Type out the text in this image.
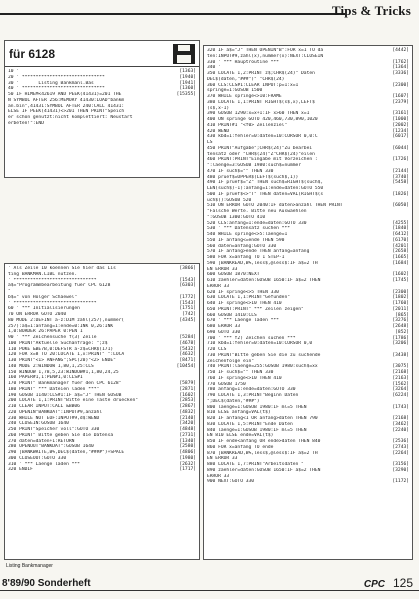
Tips & Tricks
für 6128
10 '	[1363]
20 ' ******************************	[1940]
30 '       Listing Bankmanl.Bas	[1941]
40 ' ******************************	[1360]
50 IF HIMEM<42619 AND PEEK(41431)=201 THE	[15355]
N SYMBOL AFTER 256:MEMORY 41430:LOAD"bankm
an.bin",41431:SYMBOL AFTER 240:CALL 41431:
ELSE IF PEEK(41431)<>201 THEN PRINT"Speich
er schon genutzt:nicht komplettiert: Neustart
erbeten!":END
' Als Zeile 10 koennen Sie hier das Lis	[3866]
ting BANKMAN.LIBL nutzen.
' ******************************	[1543]
a$="Programmbearbeitung fuer CPC 6128	[6303]
"
b$=" von Holger Schaewel"	[1772]
' ******************************	[1543]
60 ' *** Initialisierungen	[1751]
70 ON ERROR GOTO 2040	[742]
80 MODE 2:DEFINT a-z:DIM zahl(257),nummer(	[4345]
257):a$=1:anfang=1:ende=0:INK 0,26:INK
1,0:BORDER 26:PAPER 0:PEN 1
90 ' *** Zeichensuche f(3) Zeile	[5284]
100 PRINT"Aktuelle Suchanfrage: ";z$	[4678]
110 POKE &BE7B,0:DEFSTR a-z$=CHR$(171)	[5432]
120 FOR x=8 TO 20:LOCATE 1,x:PRINT" ":LOCA	[4632]
130 PRINT"<1> ANFANG";SPC(20)"<2> ENDE"	[8471]
140 MODE 2:WINDOW 1,80,1,25:CLS	[10454]
150 WINDOW 1,78,5,23:WINDOW#1,1,80,24,25
160 PAPER#1,1:PEN#1,0:CLS#1
170 PRINT" Bankmanager fuer den CPC 6128"	[5879]
180 PRINT" *** Dateien laden ***"	[2871]
190 GOSUB 1140:CLS#1:IF a$="J" THEN GOSUB	[1602]
200 LOCATE 1,1:PRINT"Bitte eine Taste druecken"	[2853]
210 CLEAR INPUT:CALL &BB06	[2867]
220 OPENIN"BANKDAT":INPUT#9,anzahl	[4832]
230 WHILE NOT EOF:INPUT#9,d$:WEND	[2140]
240 CLOSEIN:GOSUB 1640	[3420]
250 PRINT"Speicher voll":GOTO 330	[4848]
260 PRINT" Bitte geben Sie die Datensa	[2731]
270 daten=daten+1:RETURN	[1340]
280 OPENOUT"BANKDAT":GOSUB 1640	[2580]
290 |BANKWRITE,B%,DEC$(daten,"####")+SPACE	[4806]
300 CLOSEOUT:GOTO 330	[1980]
310 ' *** Laenge laden ***	[2632]
320 ENDIF	[1717]
320 IF a$="J" THEN OPENIN"B":FOR x=1 TO da	[4442]
ten:INPUT#9,zahl(x),nummer(x):NEXT:CLOSEIN
330 ' *** Hauptroutine ***	[1762]
340 '	[1364]
350 LOCATE 1,2:PRINT z$;CHR$(24)" Daten	[3336]
DEC$(daten,"###")" "CHR$(24)
360 CLS:CLS#1:CLEAR INPUT:p=1:x=1	[2300]
springe=1:GOSUB 1500
370 WHILE springe<>10:FRAME	[1607]
380 LOCATE 1,1:PRINT RIGHT$(s$,x),LEFT$	[2379]
(s$,x-1)
390 GOSUB 1290:x=x+1:IF x>60 THEN x=1	[3161]
400 ON springe GOTO 420,460,730,890,1020	[1000]
410 PRINT#1 "<f0> Zeilenziel"	[2002]
420 WEND	[1234]
430 kbd=1:fehler=0:daten=10:CURSOR 0,0:C	[6017]
LS
450 PRINT"Aufgabe";CHR$(24)"Zu bearbei	[6044]
tensatz oder "CHR$(24)"Z"CHR$(24)"eilen
460 PRINT:PRINT"Eingabe mit Vorzeichen :	[1726]
":laenge=3:GOSUB 1980:such$=nummer
470 IF such$="" THEN 330	[2144]
480 pruef$=UPPER$(LEFT$(such$,1))	[3740]
490 IF pruef$="Z" THEN such$=RIGHT$(such$,	[5458]
LEN(such$)-1):anfang=1:ende=daten:GOTO 550
500 IF pruef$<>"T" THEN daten=VAL(RIGHT$(s	[1826]
uch$)):GOSUB 520
510 ON ERROR GOTO 2040:IF daten>anzahl THEN PRINT	[6050]
"Falsche Werte. Bitte neu Auswaehlen
":GOSUB 1300:GOTO 410
520 CLS:anfang=1:ende=daten:GOTO 330	[4255]
530 ' *** Datensatz suchen ***	[1840]
540 WHILE springe<>5:laenge=1	[6412]
550 IF anfang<=ende THEN 590	[6170]
560 daten=anfang:GOTO 330	[4201]
570 IF anfang>ende THEN anfang=anfang	[2658]
580 FOR x=anfang TO 1 STEP-1	[1665]
590 |BANKREAD,B%,less$,@less$:IF a$=2 TH	[1684]
EN ERROR 33
600 GOSUB 1870:NEXT	[1602]
610 zaehler=daten:GOSUB 1650:IF a$=2 THEN	[1745]
ERROR 33
620 IF springe<>5 THEN 330	[2300]
630 LOCATE 1,1:PRINT"Gefunden"	[1802]
640 IF springe<>10 THEN 410	[1760]
650 PRINT:PRINT" *** Zeilen zeigen"	[2011]
660 GOSUB 1410:CLS	[865]
670 ' *** Laenge laden ***	[3276]
680 ERROR 33	[2648]
690 GOTO 330	[852]
700 ' *** f2) Zeichen suchen ***	[1786]
710 kbd=1:fehler=0:daten=10:CURSOR 0,0	[3206]
720 CLS
730 PRINT"Bitte geben Sie die zu suchende	[3438]
Zeichenfolge ein"
740 PRINT:laenge=255:GOSUB 1980:such$=xx	[3075]
750 IF such$="" THEN 330	[2168]
760 IF springe<>10 THEN 410	[2163]
770 GOSUB 1750	[1562]
780 anfang=1:ende=daten:GOTO 330	[3264]
790 LOCATE 1,3:PRINT"Beginn Daten	[6224]
";DEC$(daten,"###")
800 laenge=1:GOSUB 1980:IF ml=5 THEN	[1743]
810 ELSE anfang=VAL(t$)
820 IF anfang<1 OR anfang>daten THEN 790	[2168]
830 LOCATE 1,5:PRINT"Ende Daten	[3462]
840 laenge=1:GOSUB 1980:IF ml=5 THEN	[2240]
EN 810 ELSE ende=VAL(t$)
850 IF ende<anfang OR ende>daten THEN 840	[2536]
860 FOR x=anfang TO ende	[2743]
870 |BANKREAD,B%,less$,@less$:IF a$=2 TH	[2264]
EN ERROR 33
880 LOCATE 1,7:PRINT"Arbeitsdaten "	[3156]
890 zaehler=daten:GOSUB 1650:IF a$=2 THEN	[3290]
ERROR 33
900 NEXT:GOTO 330	[1172]
Listing Bankmanager
8'89/90 Sonderheft	CPC 125
